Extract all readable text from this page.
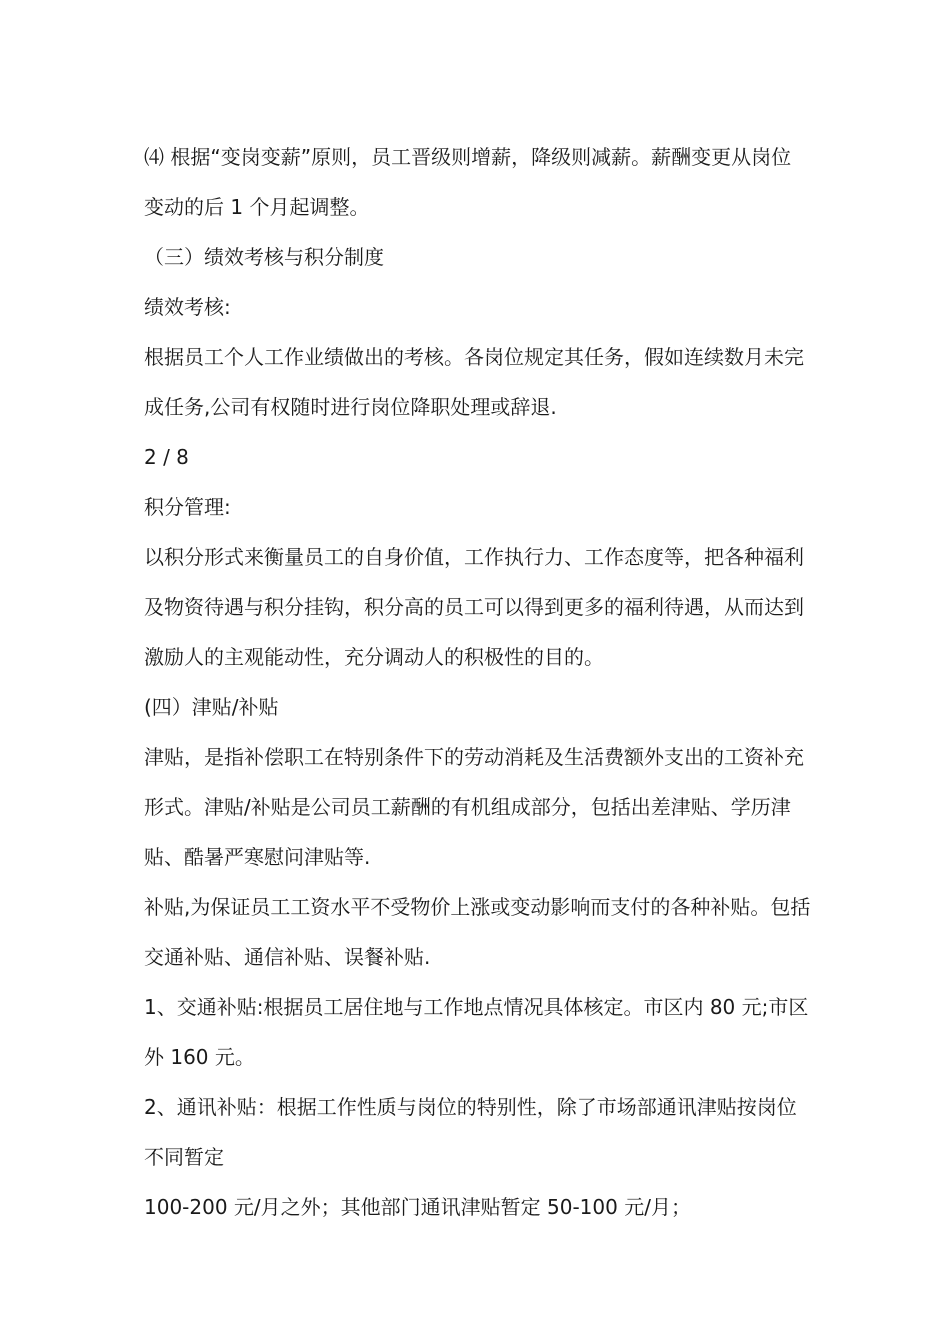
⑷ 根据“变岗变薪”原则，员工晋级则增薪，降级则减薪。薪酬变更从岗位
变动的后 1 个月起调整。
（三）绩效考核与积分制度
绩效考核:
根据员工个人工作业绩做出的考核。各岗位规定其任务，假如连续数月未完
成任务,公司有权随时进行岗位降职处理或辞退.
2 / 8
积分管理:
以积分形式来衡量员工的自身价值，工作执行力、工作态度等，把各种福利
及物资待遇与积分挂钩，积分高的员工可以得到更多的福利待遇，从而达到
激励人的主观能动性，充分调动人的积极性的目的。
(四）津贴/补贴
津贴，是指补偿职工在特别条件下的劳动消耗及生活费额外支出的工资补充
形式。津贴/补贴是公司员工薪酬的有机组成部分，包括出差津贴、学历津
贴、酷暑严寒慰问津贴等.
补贴,为保证员工工资水平不受物价上涨或变动影响而支付的各种补贴。包括
交通补贴、通信补贴、误餐补贴.
1、交通补贴:根据员工居住地与工作地点情况具体核定。市区内 80 元;市区
外 160 元。
2、通讯补贴：根据工作性质与岗位的特别性，除了市场部通讯津贴按岗位
不同暂定
100-200 元/月之外；其他部门通讯津贴暂定 50-100 元/月；
